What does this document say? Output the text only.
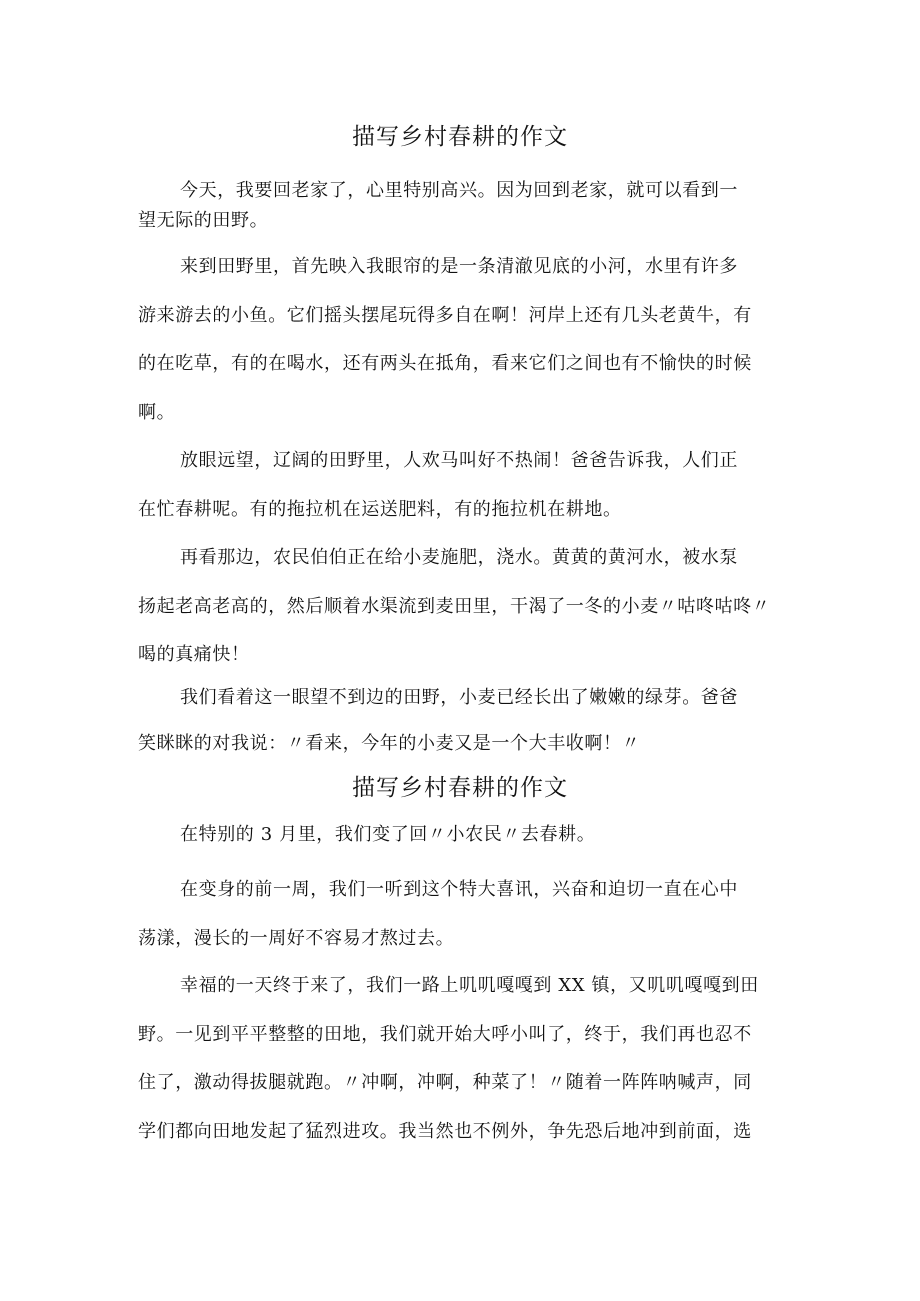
描写乡村春耕的作文
今天，我要回老家了，心里特别高兴。因为回到老家，就可以看到一
望无际的田野。
来到田野里，首先映入我眼帘的是一条清澈见底的小河，水里有许多
游来游去的小鱼。它们摇头摆尾玩得多自在啊！河岸上还有几头老黄牛，有
的在吃草，有的在喝水，还有两头在抵角，看来它们之间也有不愉快的时候
啊。
放眼远望，辽阔的田野里，人欢马叫好不热闹！爸爸告诉我，人们正
在忙春耕呢。有的拖拉机在运送肥料，有的拖拉机在耕地。
再看那边，农民伯伯正在给小麦施肥，浇水。黄黄的黄河水，被水泵
扬起老高老高的，然后顺着水渠流到麦田里，干渴了一冬的小麦〃咕咚咕咚〃
喝的真痛快！
我们看着这一眼望不到边的田野，小麦已经长出了嫩嫩的绿芽。爸爸
笑眯眯的对我说：〃看来，今年的小麦又是一个大丰收啊！〃
描写乡村春耕的作文
在特别的 3 月里，我们变了回〃小农民〃去春耕。
在变身的前一周，我们一听到这个特大喜讯，兴奋和迫切一直在心中
荡漾，漫长的一周好不容易才熬过去。
幸福的一天终于来了，我们一路上叽叽嘎嘎到 XX 镇，又叽叽嘎嘎到田
野。一见到平平整整的田地，我们就开始大呼小叫了，终于，我们再也忍不
住了，激动得拔腿就跑。〃冲啊，冲啊，种菜了！〃随着一阵阵呐喊声，同
学们都向田地发起了猛烈进攻。我当然也不例外，争先恐后地冲到前面，选
